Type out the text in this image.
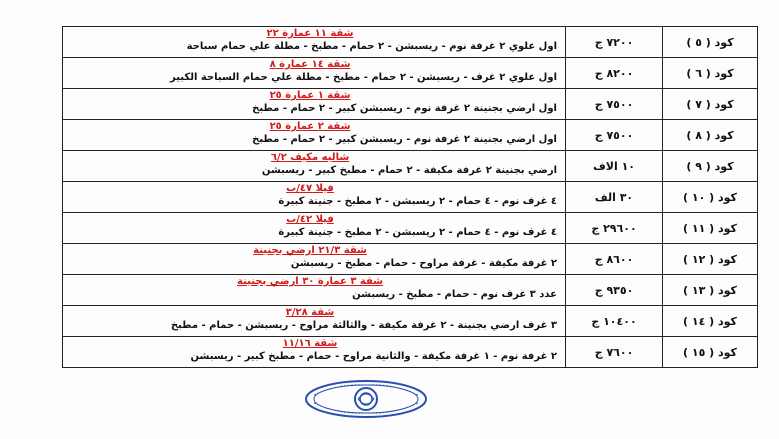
كود ( ٥ )	٧٢٠٠ ج	شقة ١١ عمارة ٢٢
اول علوي ٢ غرفة نوم - ريسبشن - ٢ حمام - مطبخ - مطلة علي حمام سباحة

كود ( ٦ )	٨٢٠٠ ج	شقة ١٤ عمارة ٨
اول علوي ٢ غرف - ريسبشن - ٢ حمام - مطبخ - مطلة علي حمام السباحة الكبير

كود ( ٧ )	٧٥٠٠ ج	شقة ١ عمارة ٢٥
اول ارضي بجنينة ٢ غرفة نوم - ريسبشن كبير - ٢ حمام - مطبخ

كود ( ٨ )	٧٥٠٠ ج	شقة ٢ عمارة ٢٥
اول ارضي بجنينة ٢ غرفة نوم - ريسبشن كبير - ٢ حمام - مطبخ

كود ( ٩ )	١٠ الاف	شاليه مكيف ٦/٢
ارضي بجنينة ٢ غرفة مكيفة - ٢ حمام - مطبخ كبير - ريسبشن

كود ( ١٠ )	٣٠ الف	فيلا ٤٧/ب
٤ غرف نوم - ٤ حمام - ٢ ريسبشن - ٢ مطبخ - جنينة كبيرة

كود ( ١١ )	٢٩٦٠٠ ج	فيلا ٤٢/ب
٤ غرف نوم - ٤ حمام - ٢ ريسبشن - ٢ مطبخ - جنينة كبيرة

كود ( ١٢ )	٨٦٠٠ ج	شقة ٢١/٣ ارضي بجنينة
٢ غرفة مكيفة - غرفة مراوح - حمام - مطبخ - ريسبشن

كود ( ١٣ )	٩٣٥٠ ج	شقة ٣ عمارة ٣٠ ارضي بجنينة
عدد ٣ غرف نوم - حمام - مطبخ - ريسبشن

كود ( ١٤ )	١٠٤٠٠ ج	شقة ٣/٢٨
٣ غرف ارضي بجنينة - ٢ غرفة مكيفة - والثالثة مراوح - ريسبشن - حمام - مطبخ

كود ( ١٥ )	٧٦٠٠ ج	شقة ١١/١٦
٢ غرفة نوم - ١ غرفة مكيفة - والثانية مراوح - حمام - مطبخ كبير - ريسبشن
